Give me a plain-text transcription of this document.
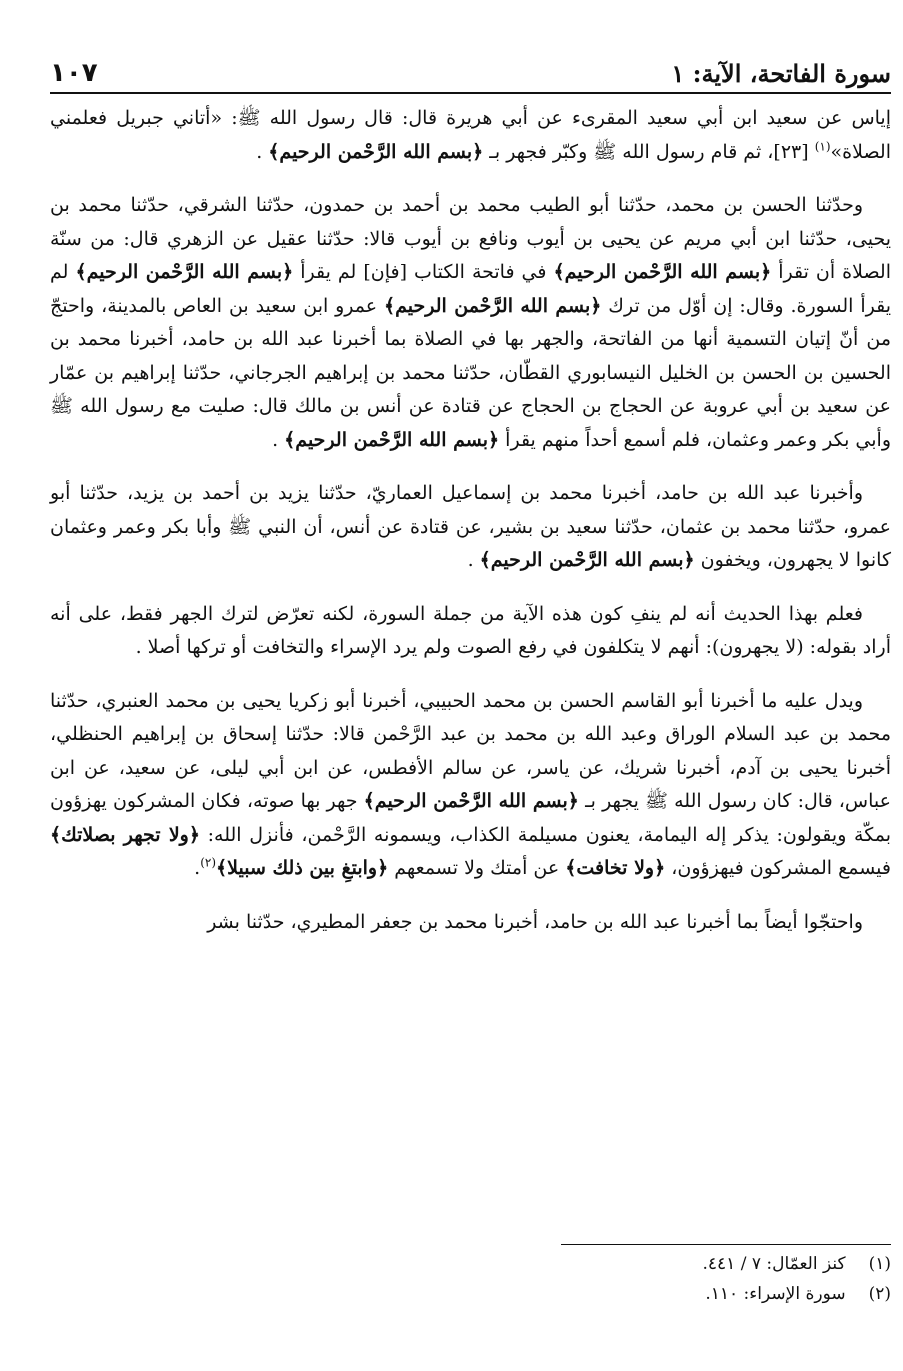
سورة الفاتحة، الآية: ١
١٠٧

إياس عن سعيد ابن أبي سعيد المقرىء عن أبي هريرة قال: قال رسول الله ﷺ: «أتاني جبريل فعلمني الصلاة»$^{(١)}$ [٢٣]، ثم قام رسول الله ﷺ وكبّر فجهر بـ ﴿بسم الله الرَّحْمن الرحيم﴾ .

وحدّثنا الحسن بن محمد، حدّثنا أبو الطيب محمد بن أحمد بن حمدون، حدّثنا الشرقي، حدّثنا محمد بن يحيى، حدّثنا ابن أبي مريم عن يحيى بن أيوب ونافع بن أيوب قالا: حدّثنا عقيل عن الزهري قال: من سنّة الصلاة أن تقرأ ﴿بسم الله الرَّحْمن الرحيم﴾ في فاتحة الكتاب [فإن] لم يقرأ ﴿بسم الله الرَّحْمن الرحيم﴾ لم يقرأ السورة. وقال: إن أوّل من ترك ﴿بسم الله الرَّحْمن الرحيم﴾ عمرو ابن سعيد بن العاص بالمدينة، واحتجّ من أنّ إتيان التسمية أنها من الفاتحة، والجهر بها في الصلاة بما أخبرنا عبد الله بن حامد، أخبرنا محمد بن الحسين بن الحسن بن الخليل النيسابوري القطّان، حدّثنا محمد بن إبراهيم الجرجاني، حدّثنا إبراهيم بن عمّار عن سعيد بن أبي عروبة عن الحجاج بن الحجاج عن قتادة عن أنس بن مالك قال: صليت مع رسول الله ﷺ وأبي بكر وعمر وعثمان، فلم أسمع أحداً منهم يقرأ ﴿بسم الله الرَّحْمن الرحيم﴾ .

وأخبرنا عبد الله بن حامد، أخبرنا محمد بن إسماعيل العماريّ، حدّثنا يزيد بن أحمد بن يزيد، حدّثنا أبو عمرو، حدّثنا محمد بن عثمان، حدّثنا سعيد بن بشير، عن قتادة عن أنس، أن النبي ﷺ وأبا بكر وعمر وعثمان كانوا لا يجهرون، ويخفون ﴿بسم الله الرَّحْمن الرحيم﴾ .

فعلم بهذا الحديث أنه لم ينفِ كون هذه الآية من جملة السورة، لكنه تعرّض لترك الجهر فقط، على أنه أراد بقوله: (لا يجهرون): أنهم لا يتكلفون في رفع الصوت ولم يرد الإسراء والتخافت أو تركها أصلا .

ويدل عليه ما أخبرنا أبو القاسم الحسن بن محمد الحبيبي، أخبرنا أبو زكريا يحيى بن محمد العنبري، حدّثنا محمد بن عبد السلام الوراق وعبد الله بن محمد بن عبد الرَّحْمن قالا: حدّثنا إسحاق بن إبراهيم الحنظلي، أخبرنا يحيى بن آدم، أخبرنا شريك، عن ياسر، عن سالم الأفطس، عن ابن أبي ليلى، عن سعيد، عن ابن عباس، قال: كان رسول الله ﷺ يجهر بـ ﴿بسم الله الرَّحْمن الرحيم﴾ جهر بها صوته، فكان المشركون يهزؤون بمكّة ويقولون: يذكر إله اليمامة، يعنون مسيلمة الكذاب، ويسمونه الرَّحْمن، فأنزل الله: ﴿ولا تجهر بصلاتك﴾ فيسمع المشركون فيهزؤون، ﴿ولا تخافت﴾ عن أمتك ولا تسمعهم ﴿وابتغِ بين ذلك سبيلا﴾$^{(٢)}$.

واحتجّوا أيضاً بما أخبرنا عبد الله بن حامد، أخبرنا محمد بن جعفر المطيري، حدّثنا بشر

(١) كنز العمّال: ٧ / ٤٤١.
(٢) سورة الإسراء: ١١٠.
